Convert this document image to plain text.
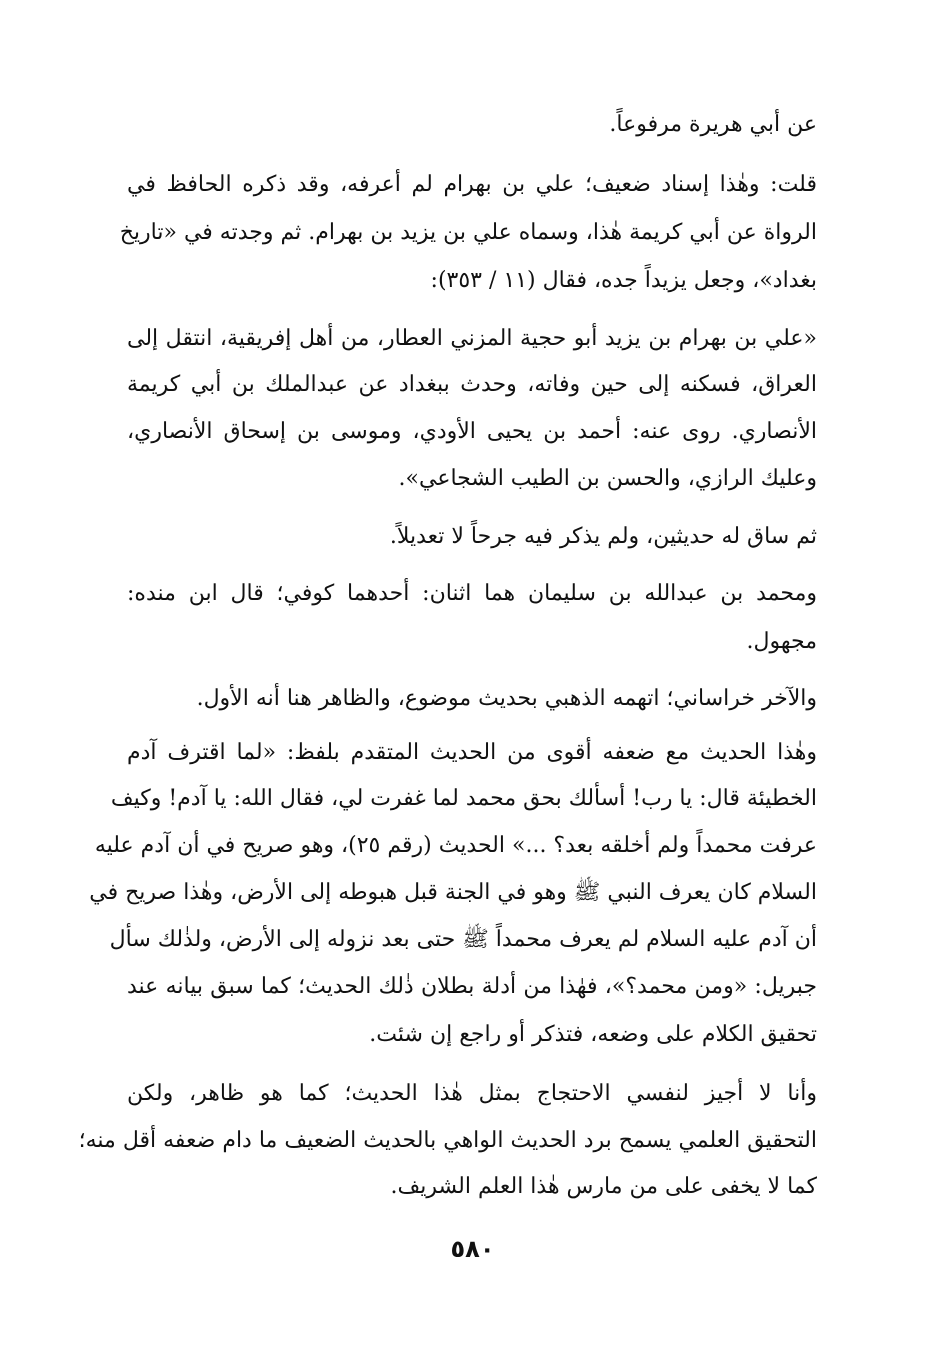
عن أبي هريرة مرفوعاً.
قلت: وهٰذا إسناد ضعيف؛ علي بن بهرام لم أعرفه، وقد ذكره الحافظ في
الرواة عن أبي كريمة هٰذا، وسماه علي بن يزيد بن بهرام. ثم وجدته في «تاريخ
بغداد»، وجعل يزيداً جده، فقال (١١ / ٣٥٣):
«علي بن بهرام بن يزيد أبو حجية المزني العطار، من أهل إفريقية، انتقل إلى
العراق، فسكنه إلى حين وفاته، وحدث ببغداد عن عبدالملك بن أبي كريمة
الأنصاري. روى عنه: أحمد بن يحيى الأودي، وموسى بن إسحاق الأنصاري،
وعليك الرازي، والحسن بن الطيب الشجاعي».
ثم ساق له حديثين، ولم يذكر فيه جرحاً لا تعديلاً.
ومحمد بن عبدالله بن سليمان هما اثنان: أحدهما كوفي؛ قال ابن منده:
مجهول.
والآخر خراساني؛ اتهمه الذهبي بحديث موضوع، والظاهر هنا أنه الأول.
وهٰذا الحديث مع ضعفه أقوى من الحديث المتقدم بلفظ: «لما اقترف آدم
الخطيئة قال: يا رب! أسألك بحق محمد لما غفرت لي، فقال الله: يا آدم! وكيف
عرفت محمداً ولم أخلقه بعد؟ ...» الحديث (رقم ٢٥)، وهو صريح في أن آدم عليه
السلام كان يعرف النبي ﷺ وهو في الجنة قبل هبوطه إلى الأرض، وهٰذا صريح في
أن آدم عليه السلام لم يعرف محمداً ﷺ حتى بعد نزوله إلى الأرض، ولذٰلك سأل
جبريل: «ومن محمد؟»، فهٰذا من أدلة بطلان ذٰلك الحديث؛ كما سبق بيانه عند
تحقيق الكلام على وضعه، فتذكر أو راجع إن شئت.
وأنا لا أجيز لنفسي الاحتجاج بمثل هٰذا الحديث؛ كما هو ظاهر، ولكن
التحقيق العلمي يسمح برد الحديث الواهي بالحديث الضعيف ما دام ضعفه أقل منه؛
كما لا يخفى على من مارس هٰذا العلم الشريف.
٥٨٠
